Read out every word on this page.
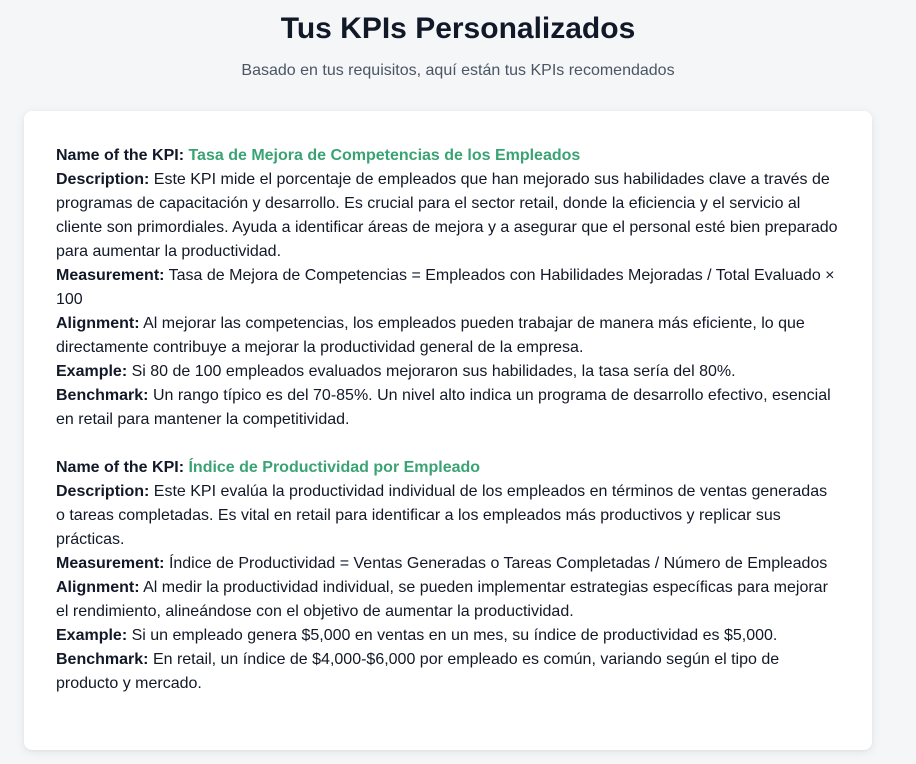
Tus KPIs Personalizados
Basado en tus requisitos, aquí están tus KPIs recomendados

Name of the KPI: Tasa de Mejora de Competencias de los Empleados

Description: Este KPI mide el porcentaje de empleados que han mejorado sus habilidades clave a través de programas de capacitación y desarrollo. Es crucial para el sector retail, donde la eficiencia y el servicio al cliente son primordiales. Ayuda a identificar áreas de mejora y a asegurar que el personal esté bien preparado para aumentar la productividad.

Measurement: Tasa de Mejora de Competencias = Empleados con Habilidades Mejoradas / Total Evaluado × 100

Alignment: Al mejorar las competencias, los empleados pueden trabajar de manera más eficiente, lo que directamente contribuye a mejorar la productividad general de la empresa.

Example: Si 80 de 100 empleados evaluados mejoraron sus habilidades, la tasa sería del 80%.

Benchmark: Un rango típico es del 70-85%. Un nivel alto indica un programa de desarrollo efectivo, esencial en retail para mantener la competitividad.

Name of the KPI: Índice de Productividad por Empleado

Description: Este KPI evalúa la productividad individual de los empleados en términos de ventas generadas o tareas completadas. Es vital en retail para identificar a los empleados más productivos y replicar sus prácticas.

Measurement: Índice de Productividad = Ventas Generadas o Tareas Completadas / Número de Empleados

Alignment: Al medir la productividad individual, se pueden implementar estrategias específicas para mejorar el rendimiento, alineándose con el objetivo de aumentar la productividad.

Example: Si un empleado genera $5,000 en ventas en un mes, su índice de productividad es $5,000.

Benchmark: En retail, un índice de $4,000-$6,000 por empleado es común, variando según el tipo de producto y mercado.
